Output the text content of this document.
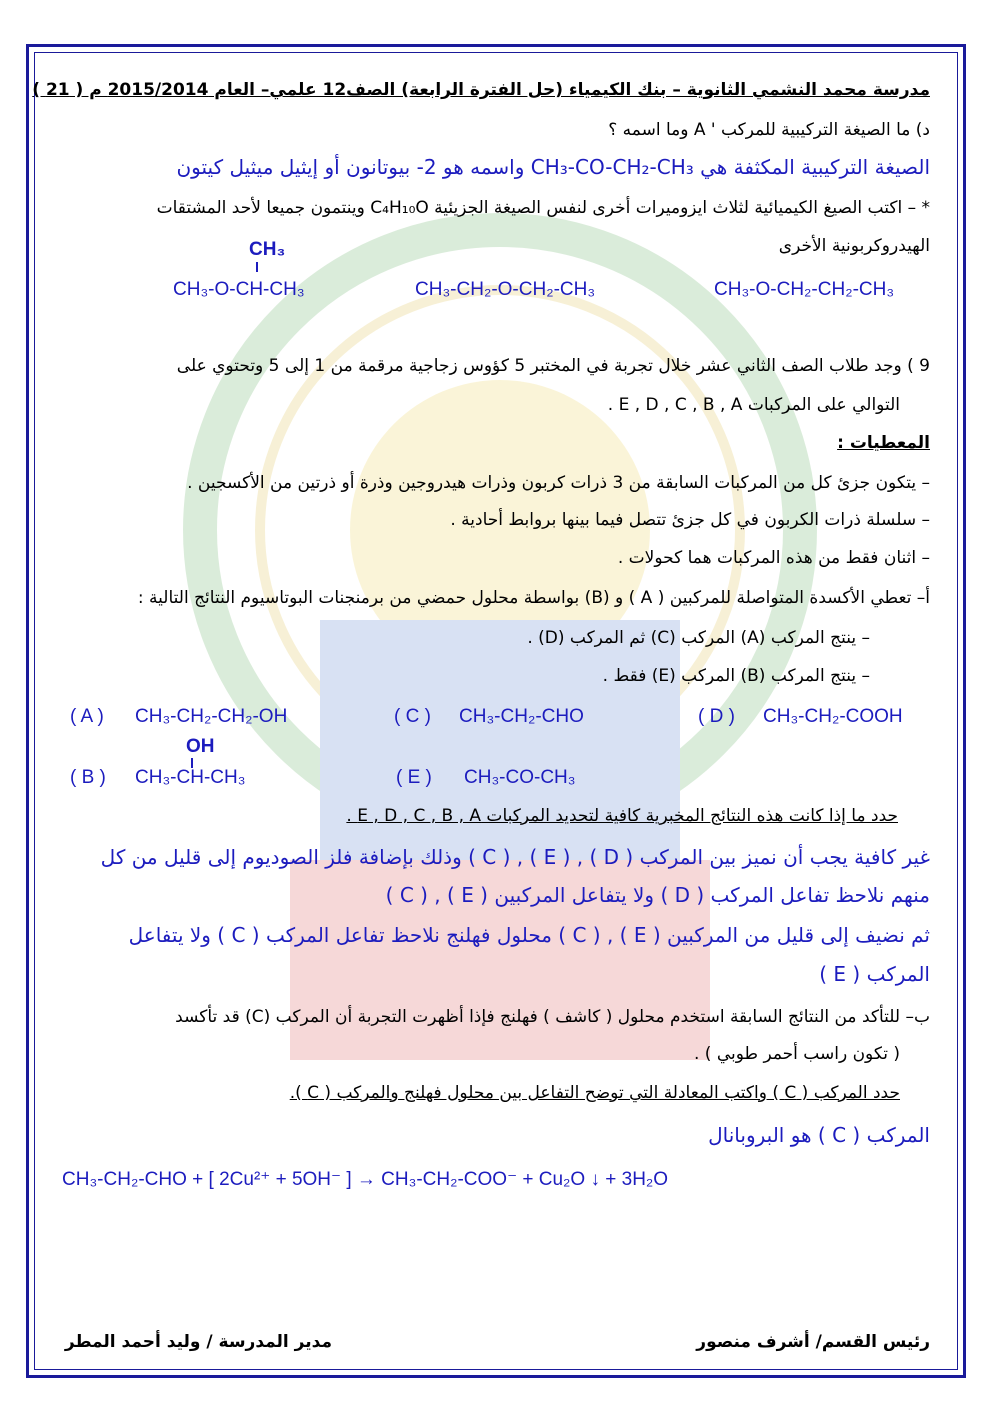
مدرسة محمد النشمي الثانوية – بنك الكيمياء (حل الفترة الرابعة) الصف12 علمي– العام 2015/2014 م ( 21 )
د) ما الصيغة التركيبية للمركب ' A وما اسمه ؟
الصيغة التركيبية المكثفة هي CH₃-CO-CH₂-CH₃ واسمه هو 2- بيوتانون أو إيثيل ميثيل كيتون
* – اكتب الصيغ الكيميائية لثلاث ايزوميرات أخرى لنفس الصيغة الجزيئية C₄H₁₀O وينتمون جميعا لأحد المشتقات
الهيدروكربونية الأخرى
CH₃
CH₃-O-CH-CH₃	CH₃-CH₂-O-CH₂-CH₃	CH₃-O-CH₂-CH₂-CH₃
9 ) وجد طلاب الصف الثاني عشر خلال تجربة في المختبر 5 كؤوس زجاجية مرقمة من 1 إلى 5 وتحتوي على
التوالي على المركبات E , D , C , B , A .
المعطيات :
– يتكون جزئ كل من المركبات السابقة من 3 ذرات كربون وذرات هيدروجين وذرة أو ذرتين من الأكسجين .
– سلسلة ذرات الكربون في كل جزئ تتصل فيما بينها بروابط أحادية .
– اثنان فقط من هذه المركبات هما كحولات .
أ– تعطي الأكسدة المتواصلة للمركبين ( A ) و (B) بواسطة محلول حمضي من برمنجنات البوتاسيوم النتائج التالية :
– ينتج المركب (A) المركب (C) ثم المركب (D) .
– ينتج المركب (B) المركب (E) فقط .
( A ) CH₃-CH₂-CH₂-OH	( C ) CH₃-CH₂-CHO	( D ) CH₃-CH₂-COOH
OH
( B ) CH₃-CH-CH₃	( E ) CH₃-CO-CH₃
حدد ما إذا كانت هذه النتائج المخبرية كافية لتحديد المركبات E , D , C , B , A .
غير كافية يجب أن نميز بين المركب ( D ) , ( E ) , ( C ) وذلك بإضافة فلز الصوديوم إلى قليل من كل
منهم نلاحظ تفاعل المركب ( D ) ولا يتفاعل المركبين ( E ) , ( C )
ثم نضيف إلى قليل من المركبين ( E ) , ( C ) محلول فهلنج نلاحظ تفاعل المركب ( C ) ولا يتفاعل
المركب ( E )
ب– للتأكد من النتائج السابقة استخدم محلول ( كاشف ) فهلنج فإذا أظهرت التجربة أن المركب (C) قد تأكسد
( تكون راسب أحمر طوبي ) .
حدد المركب ( C ) واكتب المعادلة التي توضح التفاعل بين محلول فهلنج والمركب ( C ).
المركب ( C ) هو البروبانال
CH₃-CH₂-CHO + [ 2Cu²⁺ + 5OH⁻ ] → CH₃-CH₂-COO⁻ + Cu₂O ↓ + 3H₂O
رئيس القسم/ أشرف منصور
مدير المدرسة / وليد أحمد المطر
